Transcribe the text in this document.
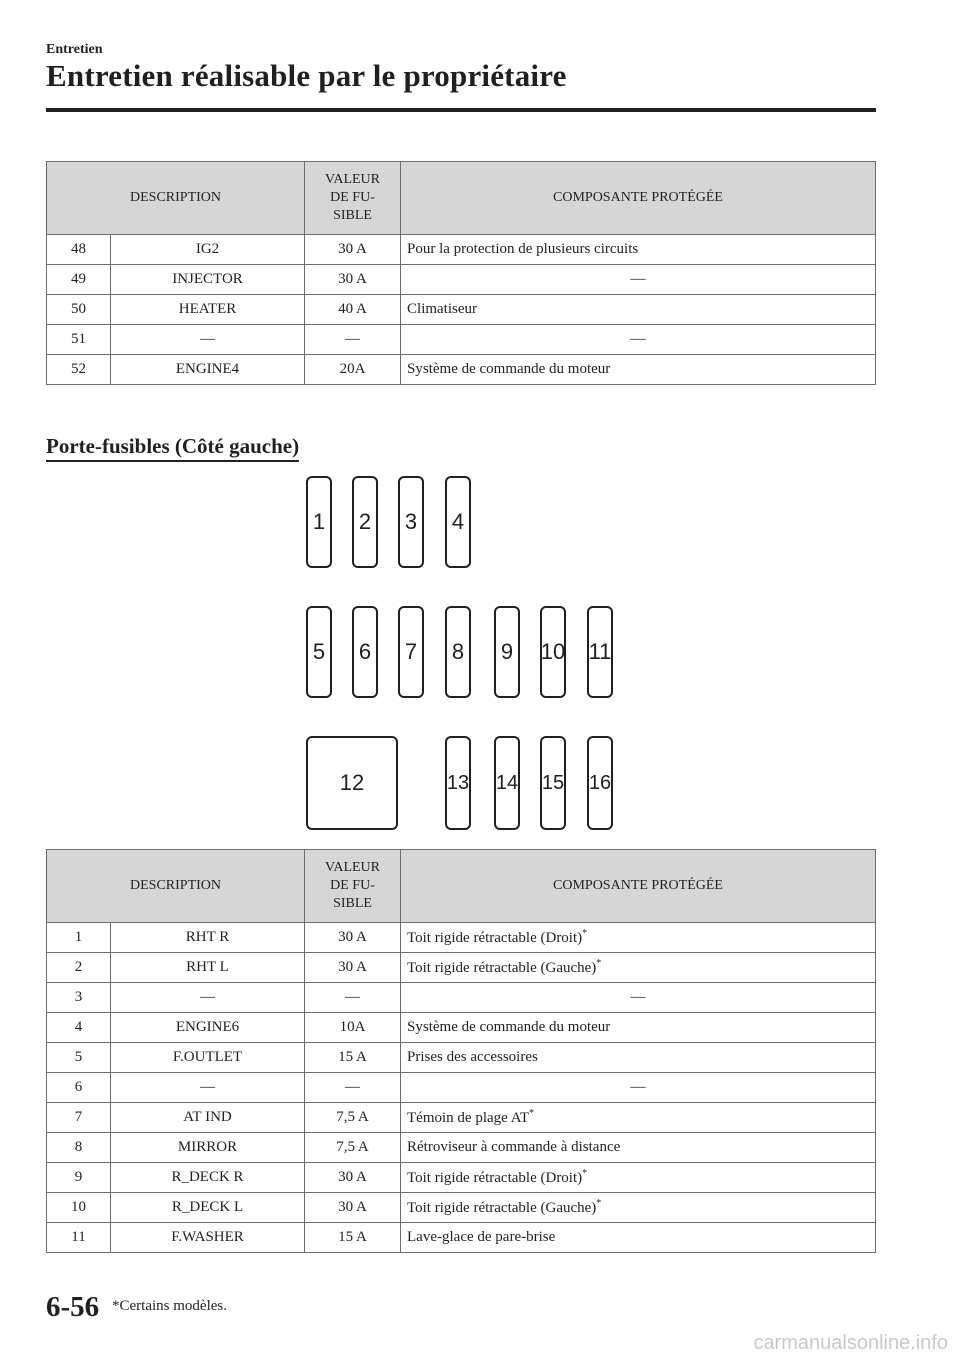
Entretien
Entretien réalisable par le propriétaire
DESCRIPTION		VALEUR
DE FU-
SIBLE	COMPOSANTE PROTÉGÉE
48	IG2	30 A	Pour la protection de plusieurs circuits
49	INJECTOR	30 A	—
50	HEATER	40 A	Climatiseur
51	—	—	—
52	ENGINE4	20A	Système de commande du moteur
Porte-fusibles (Côté gauche)
1	2	3	4
5	6	7	8	9	10 11
12	13 14 15 16
DESCRIPTION		VALEUR
DE FU-
SIBLE	COMPOSANTE PROTÉGÉE
1	RHT R	30 A	Toit rigide rétractable (Droit)*
2	RHT L	30 A	Toit rigide rétractable (Gauche)*
3	—	—	—
4	ENGINE6	10A	Système de commande du moteur
5	F.OUTLET	15 A	Prises des accessoires
6	—	—	—
7	AT IND	7,5 A	Témoin de plage AT*
8	MIRROR	7,5 A	Rétroviseur à commande à distance
9	R_DECK R	30 A	Toit rigide rétractable (Droit)*
10	R_DECK L	30 A	Toit rigide rétractable (Gauche)*
11	F.WASHER	15 A	Lave-glace de pare-brise
6-56 *Certains modèles.
carmanualsonline.info
